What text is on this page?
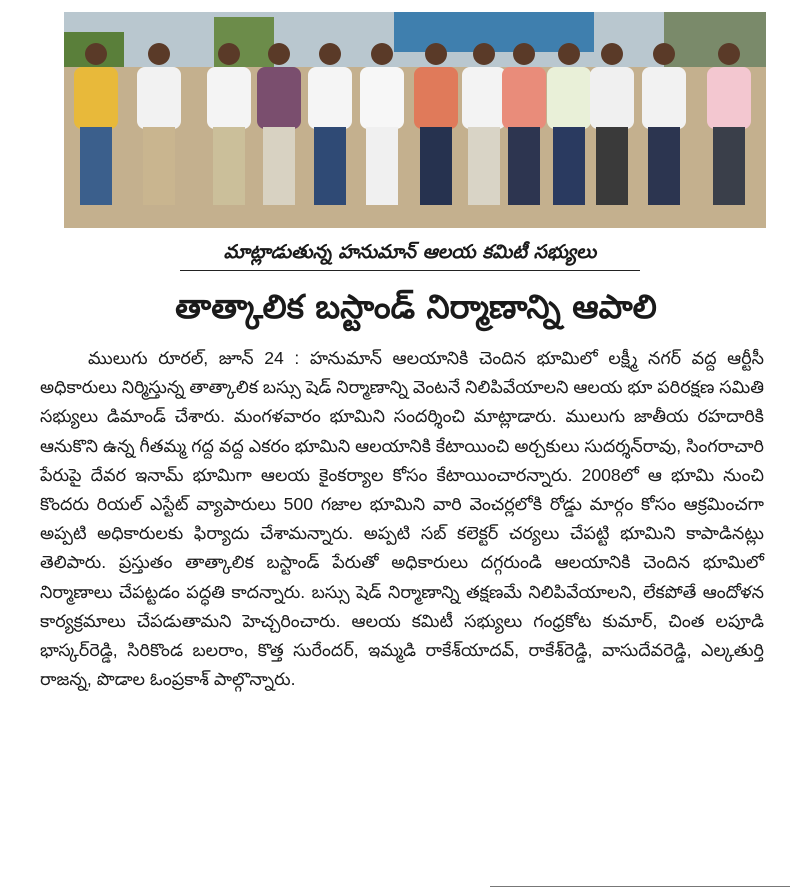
మాట్లాడుతున్న హనుమాన్ ఆలయ కమిటీ సభ్యులు
తాత్కాలిక బస్టాండ్ నిర్మాణాన్ని ఆపాలి

ములుగు రూరల్, జూన్ 24 : హనుమాన్ ఆలయానికి చెందిన భూమిలో లక్ష్మీ నగర్ వద్ద ఆర్టీసీ అధికారులు నిర్మిస్తున్న తాత్కాలిక బస్సు షెడ్ నిర్మాణాన్ని వెంటనే నిలిపివేయాలని ఆలయ భూ పరిరక్షణ సమితి సభ్యులు డిమాండ్ చేశారు. మంగళవారం భూమిని సందర్శించి మాట్లాడారు. ములుగు జాతీయ రహదారికి ఆనుకొని ఉన్న గీతమ్మ గద్ద వద్ద ఎకరం భూమిని ఆలయానికి కేటాయించి అర్చకులు సుదర్శన్‌రావు, సింగరాచారి పేరుపై దేవర ఇనామ్ భూమిగా ఆలయ కైంకర్యాల కోసం కేటాయించారన్నారు. 2008లో ఆ భూమి నుంచి కొందరు రియల్ ఎస్టేట్ వ్యాపారులు 500 గజాల భూమిని వారి వెంచర్లలోకి రోడ్డు మార్గం కోసం ఆక్రమించగా అప్పటి అధికారులకు ఫిర్యాదు చేశామన్నారు. అప్పటి సబ్ కలెక్టర్ చర్యలు చేపట్టి భూమిని కాపాడినట్లు తెలిపారు. ప్రస్తుతం తాత్కాలిక బస్టాండ్ పేరుతో అధికారులు దగ్గరుండి ఆలయానికి చెందిన భూమిలో నిర్మాణాలు చేపట్టడం పద్ధతి కాదన్నారు. బస్సు షెడ్ నిర్మాణాన్ని తక్షణమే నిలిపివేయాలని, లేకపోతే ఆందోళన కార్యక్రమాలు చేపడుతామని హెచ్చరించారు. ఆలయ కమిటీ సభ్యులు గంధ్రకోట కుమార్, చింత లపూడి భాస్కర్‌రెడ్డి, సిరికొండ బలరాం, కొత్త సురేందర్, ఇమ్మడి రాకేశ్‌యాదవ్, రాకేశ్‌రెడ్డి, వాసుదేవరెడ్డి, ఎల్కతుర్తి రాజన్న, పొడాల ఓంప్రకాశ్ పాల్గొన్నారు.
